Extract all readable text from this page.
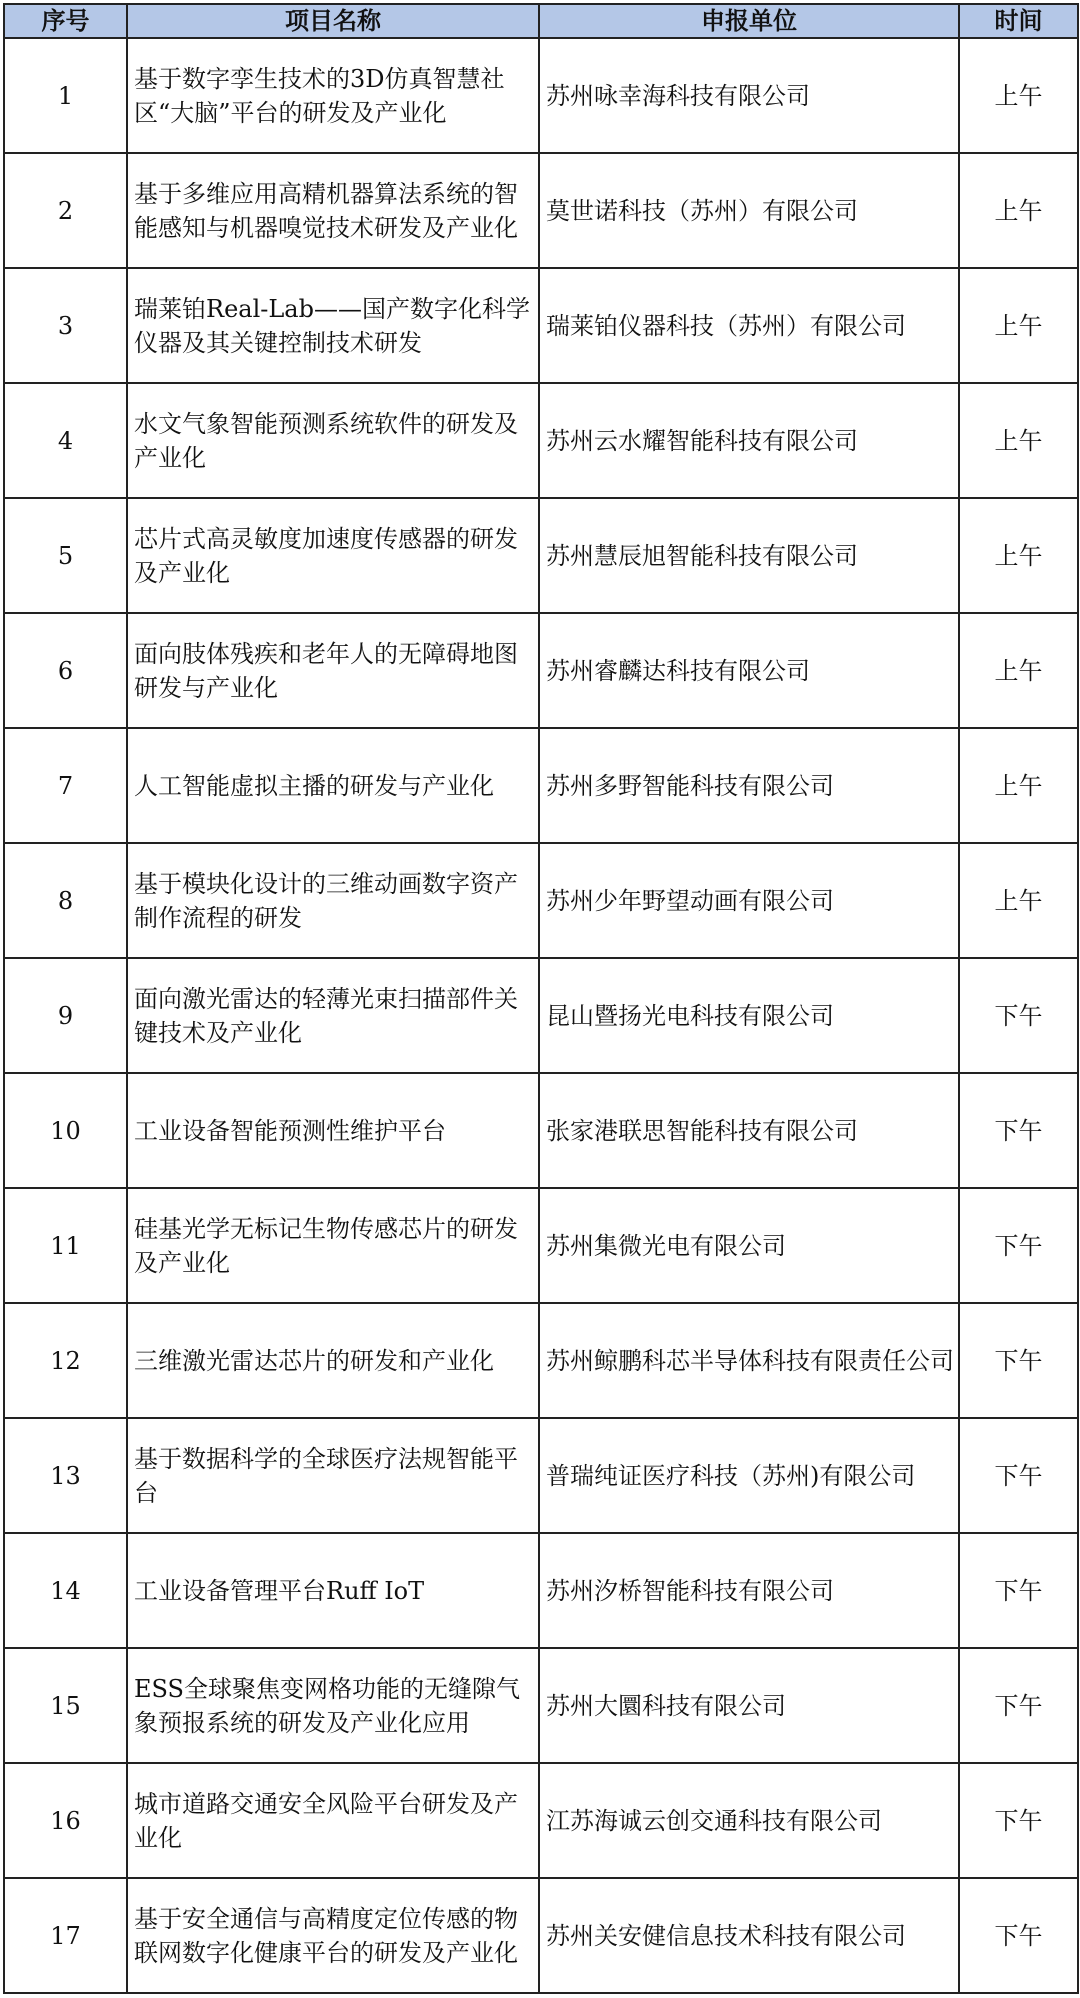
序号	项目名称	申报单位	时间
1	基于数字孪生技术的3D仿真智慧社区“大脑”平台的研发及产业化	苏州咏幸海科技有限公司	上午
2	基于多维应用高精机器算法系统的智能感知与机器嗅觉技术研发及产业化	莫世诺科技（苏州）有限公司	上午
3	瑞莱铂Real-Lab——国产数字化科学仪器及其关键控制技术研发	瑞莱铂仪器科技（苏州）有限公司	上午
4	水文气象智能预测系统软件的研发及产业化	苏州云水耀智能科技有限公司	上午
5	芯片式高灵敏度加速度传感器的研发及产业化	苏州慧辰旭智能科技有限公司	上午
6	面向肢体残疾和老年人的无障碍地图研发与产业化	苏州睿麟达科技有限公司	上午
7	人工智能虚拟主播的研发与产业化	苏州多野智能科技有限公司	上午
8	基于模块化设计的三维动画数字资产制作流程的研发	苏州少年野望动画有限公司	上午
9	面向激光雷达的轻薄光束扫描部件关键技术及产业化	昆山暨扬光电科技有限公司	下午
10	工业设备智能预测性维护平台	张家港联思智能科技有限公司	下午
11	硅基光学无标记生物传感芯片的研发及产业化	苏州集微光电有限公司	下午
12	三维激光雷达芯片的研发和产业化	苏州鲸鹏科芯半导体科技有限责任公司	下午
13	基于数据科学的全球医疗法规智能平台	普瑞纯证医疗科技（苏州)有限公司	下午
14	工业设备管理平台Ruff IoT	苏州汐桥智能科技有限公司	下午
15	ESS全球聚焦变网格功能的无缝隙气象预报系统的研发及产业化应用	苏州大圜科技有限公司	下午
16	城市道路交通安全风险平台研发及产业化	江苏海诚云创交通科技有限公司	下午
17	基于安全通信与高精度定位传感的物联网数字化健康平台的研发及产业化	苏州关安健信息技术科技有限公司	下午
